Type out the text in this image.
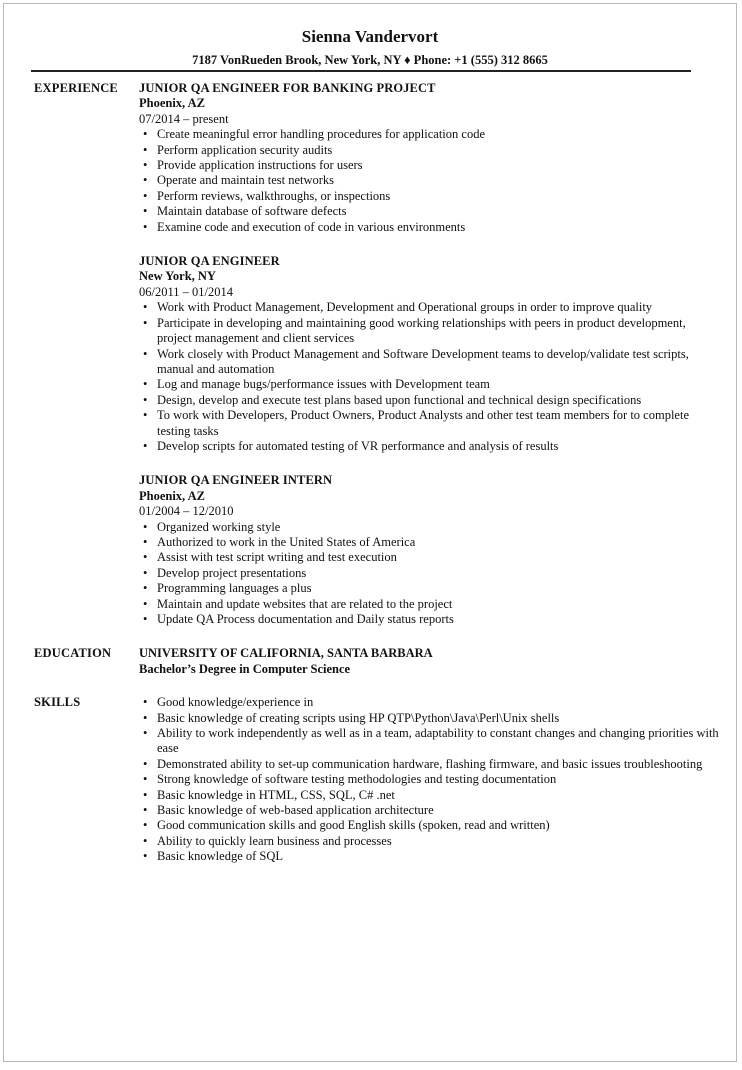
Sienna Vandervort
7187 VonRueden Brook, New York, NY ♦ Phone: +1 (555) 312 8665
EXPERIENCE JUNIOR QA ENGINEER FOR BANKING PROJECT
Phoenix, AZ
07/2014 – present
• Create meaningful error handling procedures for application code
• Perform application security audits
• Provide application instructions for users
• Operate and maintain test networks
• Perform reviews, walkthroughs, or inspections
• Maintain database of software defects
• Examine code and execution of code in various environments
JUNIOR QA ENGINEER
New York, NY
06/2011 – 01/2014
• Work with Product Management, Development and Operational groups in order to improve quality
• Participate in developing and maintaining good working relationships with peers in product development, project management and client services
• Work closely with Product Management and Software Development teams to develop/validate test scripts, manual and automation
• Log and manage bugs/performance issues with Development team
• Design, develop and execute test plans based upon functional and technical design specifications
• To work with Developers, Product Owners, Product Analysts and other test team members for to complete testing tasks
• Develop scripts for automated testing of VR performance and analysis of results
JUNIOR QA ENGINEER INTERN
Phoenix, AZ
01/2004 – 12/2010
• Organized working style
• Authorized to work in the United States of America
• Assist with test script writing and test execution
• Develop project presentations
• Programming languages a plus
• Maintain and update websites that are related to the project
• Update QA Process documentation and Daily status reports
EDUCATION UNIVERSITY OF CALIFORNIA, SANTA BARBARA
Bachelor’s Degree in Computer Science
SKILLS
•	Good knowledge/experience in
• Basic knowledge of creating scripts using HP QTP\Python\Java\Perl\Unix shells
• Ability to work independently as well as in a team, adaptability to constant changes and changing priorities with ease
• Demonstrated ability to set-up communication hardware, flashing firmware, and basic issues troubleshooting
• Strong knowledge of software testing methodologies and testing documentation
• Basic knowledge in HTML, CSS, SQL, C# .net
• Basic knowledge of web-based application architecture
• Good communication skills and good English skills (spoken, read and written)
• Ability to quickly learn business and processes
• Basic knowledge of SQL
